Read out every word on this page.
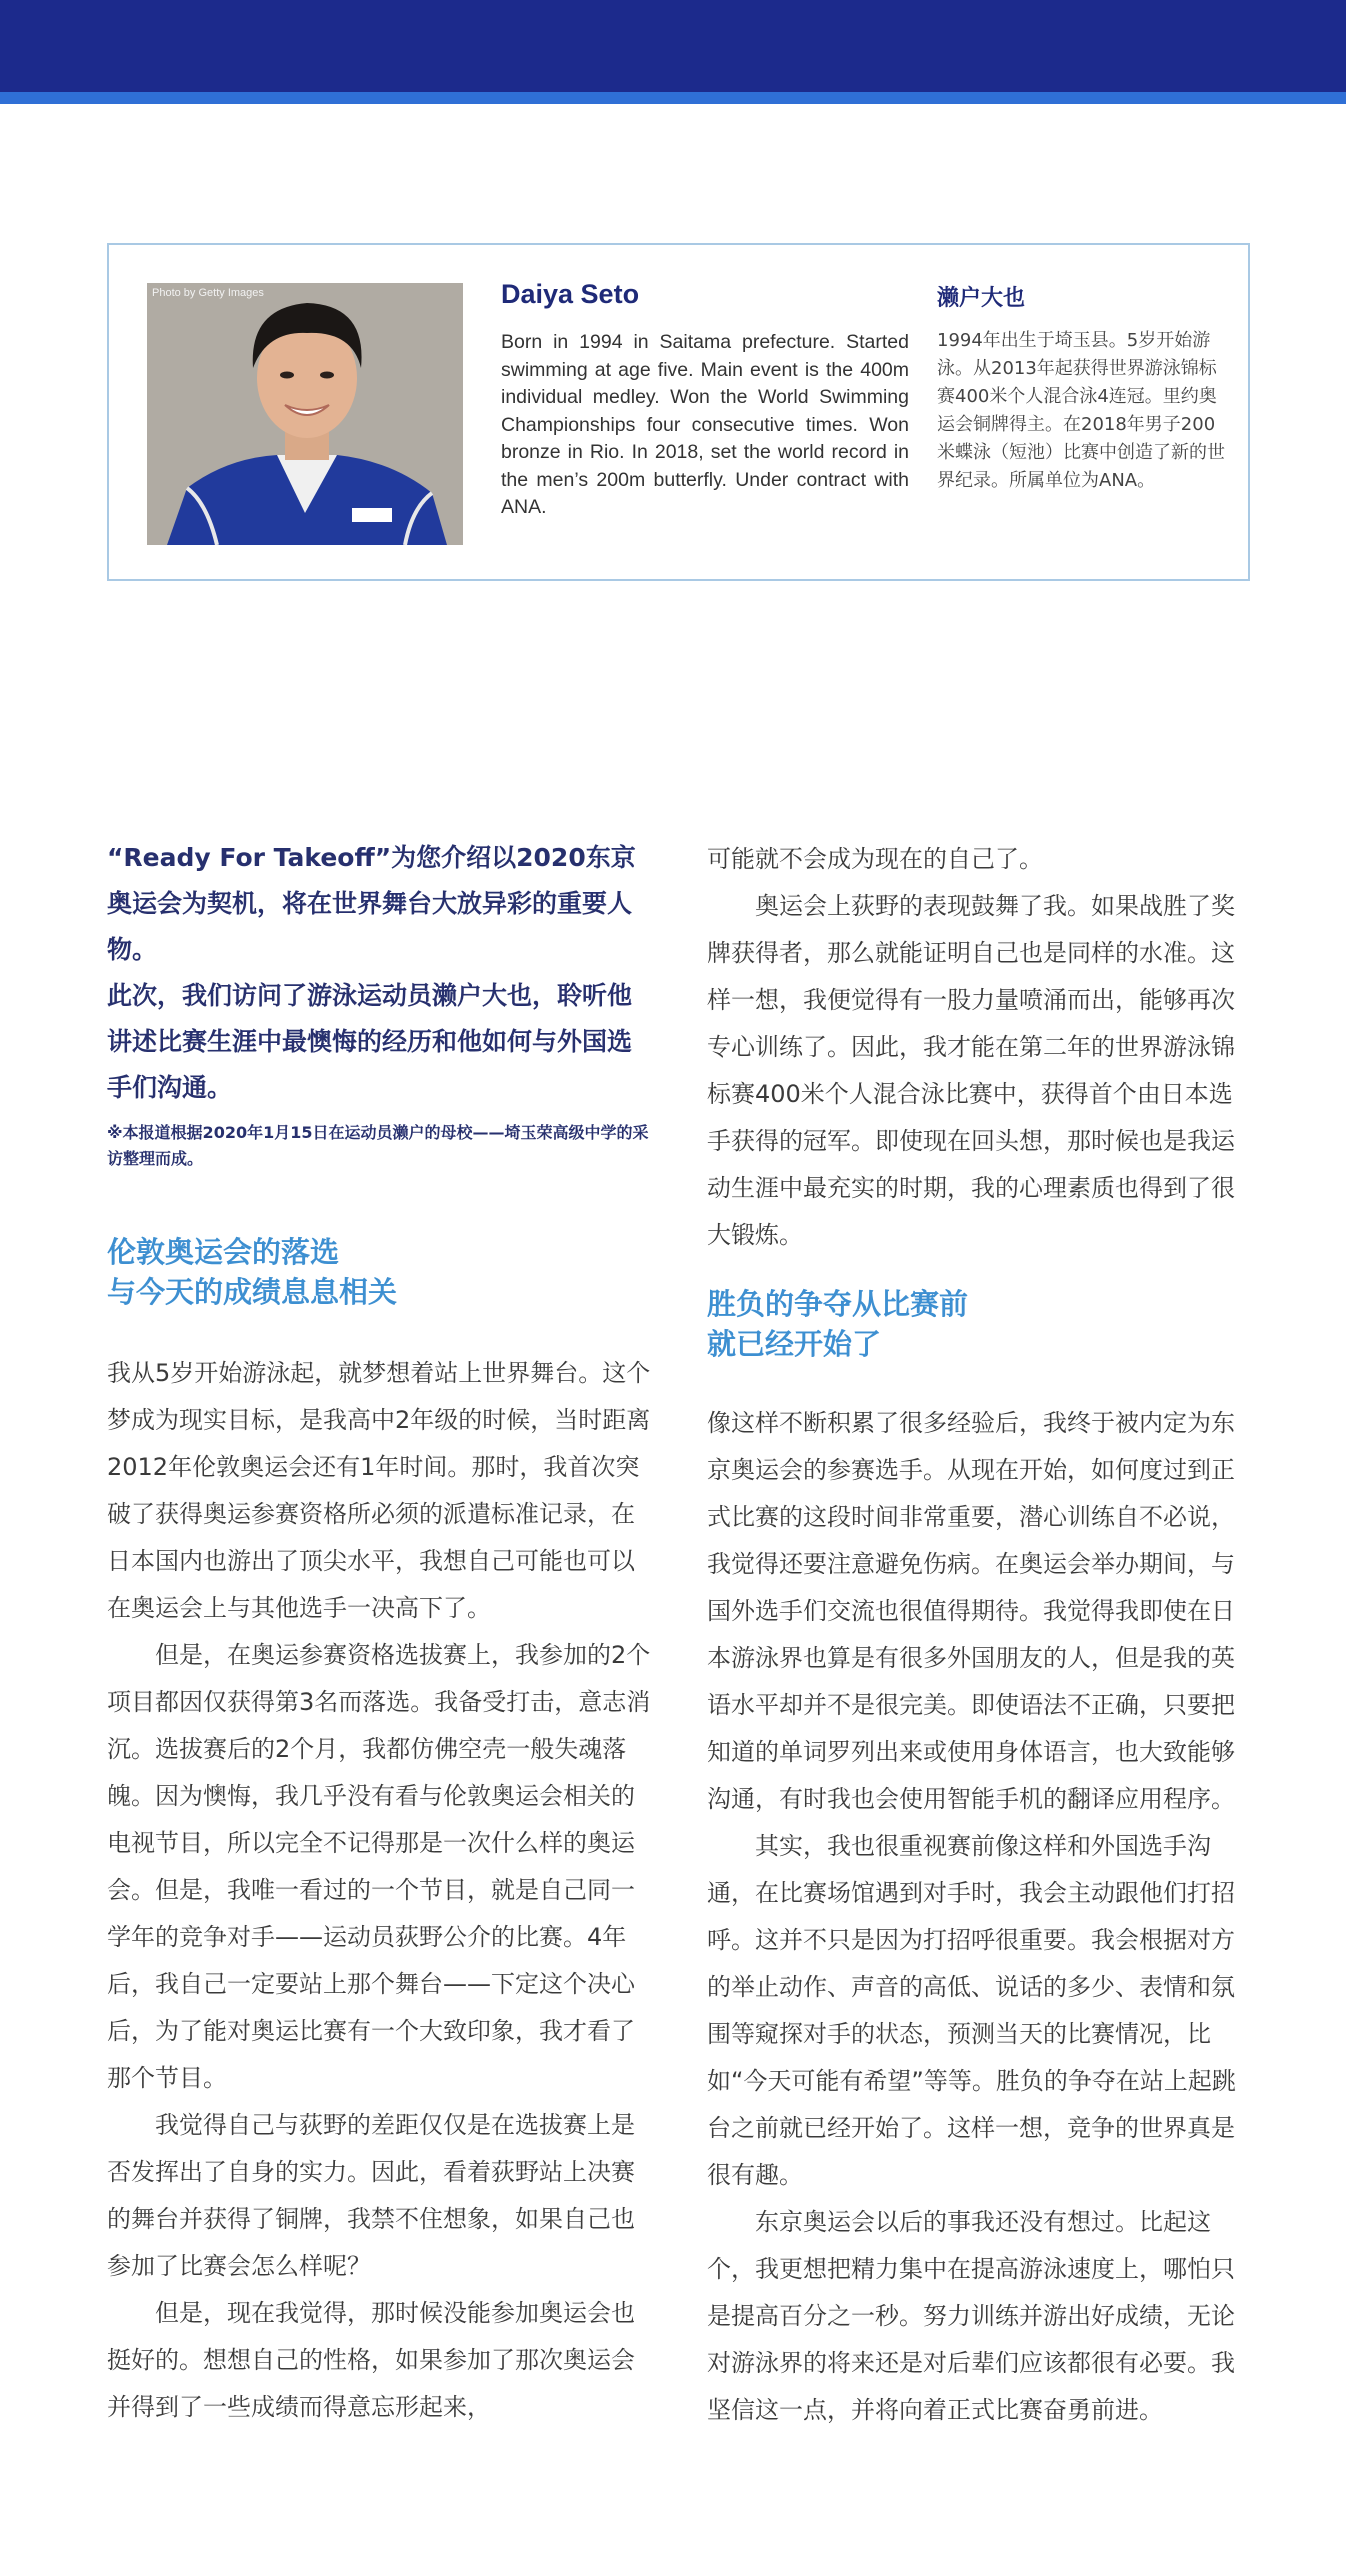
Photo by Getty Images	Daiya Seto
Born in 1994 in Saitama prefecture. Started swimming at age five. Main event is the 400m individual medley. Won the World Swimming Championships four consecutive times. Won bronze in Rio. In 2018, set the world record in the men’s 200m butterfly. Under contract with ANA.
濑户大也
1994年出生于埼玉县。5岁开始游泳。从2013年起获得世界游泳锦标赛400米个人混合泳4连冠。里约奥运会铜牌得主。在2018年男子200米蝶泳（短池）比赛中创造了新的世界纪录。所属单位为ANA。

“Ready For Takeoff”为您介绍以2020东京奥运会为契机，将在世界舞台大放异彩的重要人物。

此次，我们访问了游泳运动员濑户大也，聆听他讲述比赛生涯中最懊悔的经历和他如何与外国选手们沟通。

※本报道根据2020年1月15日在运动员濑户的母校——埼玉荣高级中学的采访整理而成。
伦敦奥运会的落选
与今天的成绩息息相关

我从5岁开始游泳起，就梦想着站上世界舞台。这个梦成为现实目标，是我高中2年级的时候，当时距离2012年伦敦奥运会还有1年时间。那时，我首次突破了获得奥运参赛资格所必须的派遣标准记录，在日本国内也游出了顶尖水平，我想自己可能也可以在奥运会上与其他选手一决高下了。

但是，在奥运参赛资格选拔赛上，我参加的2个项目都因仅获得第3名而落选。我备受打击，意志消沉。选拔赛后的2个月，我都仿佛空壳一般失魂落魄。因为懊悔，我几乎没有看与伦敦奥运会相关的电视节目，所以完全不记得那是一次什么样的奥运会。但是，我唯一看过的一个节目，就是自己同一学年的竞争对手——运动员荻野公介的比赛。4年后，我自己一定要站上那个舞台——下定这个决心后，为了能对奥运比赛有一个大致印象，我才看了那个节目。

我觉得自己与荻野的差距仅仅是在选拔赛上是否发挥出了自身的实力。因此，看着荻野站上决赛的舞台并获得了铜牌，我禁不住想象，如果自己也参加了比赛会怎么样呢？

但是，现在我觉得，那时候没能参加奥运会也挺好的。想想自己的性格，如果参加了那次奥运会并得到了一些成绩而得意忘形起来，

可能就不会成为现在的自己了。

奥运会上荻野的表现鼓舞了我。如果战胜了奖牌获得者，那么就能证明自己也是同样的水准。这样一想，我便觉得有一股力量喷涌而出，能够再次专心训练了。因此，我才能在第二年的世界游泳锦标赛400米个人混合泳比赛中，获得首个由日本选手获得的冠军。即使现在回头想，那时候也是我运动生涯中最充实的时期，我的心理素质也得到了很大锻炼。

胜负的争夺从比赛前
就已经开始了

像这样不断积累了很多经验后，我终于被内定为东京奥运会的参赛选手。从现在开始，如何度过到正式比赛的这段时间非常重要，潜心训练自不必说，我觉得还要注意避免伤病。在奥运会举办期间，与国外选手们交流也很值得期待。我觉得我即使在日本游泳界也算是有很多外国朋友的人，但是我的英语水平却并不是很完美。即使语法不正确，只要把知道的单词罗列出来或使用身体语言，也大致能够沟通，有时我也会使用智能手机的翻译应用程序。

其实，我也很重视赛前像这样和外国选手沟通，在比赛场馆遇到对手时，我会主动跟他们打招呼。这并不只是因为打招呼很重要。我会根据对方的举止动作、声音的高低、说话的多少、表情和氛围等窥探对手的状态，预测当天的比赛情况，比如“今天可能有希望”等等。胜负的争夺在站上起跳台之前就已经开始了。这样一想，竞争的世界真是很有趣。

东京奥运会以后的事我还没有想过。比起这个，我更想把精力集中在提高游泳速度上，哪怕只是提高百分之一秒。努力训练并游出好成绩，无论对游泳界的将来还是对后辈们应该都很有必要。我坚信这一点，并将向着正式比赛奋勇前进。
